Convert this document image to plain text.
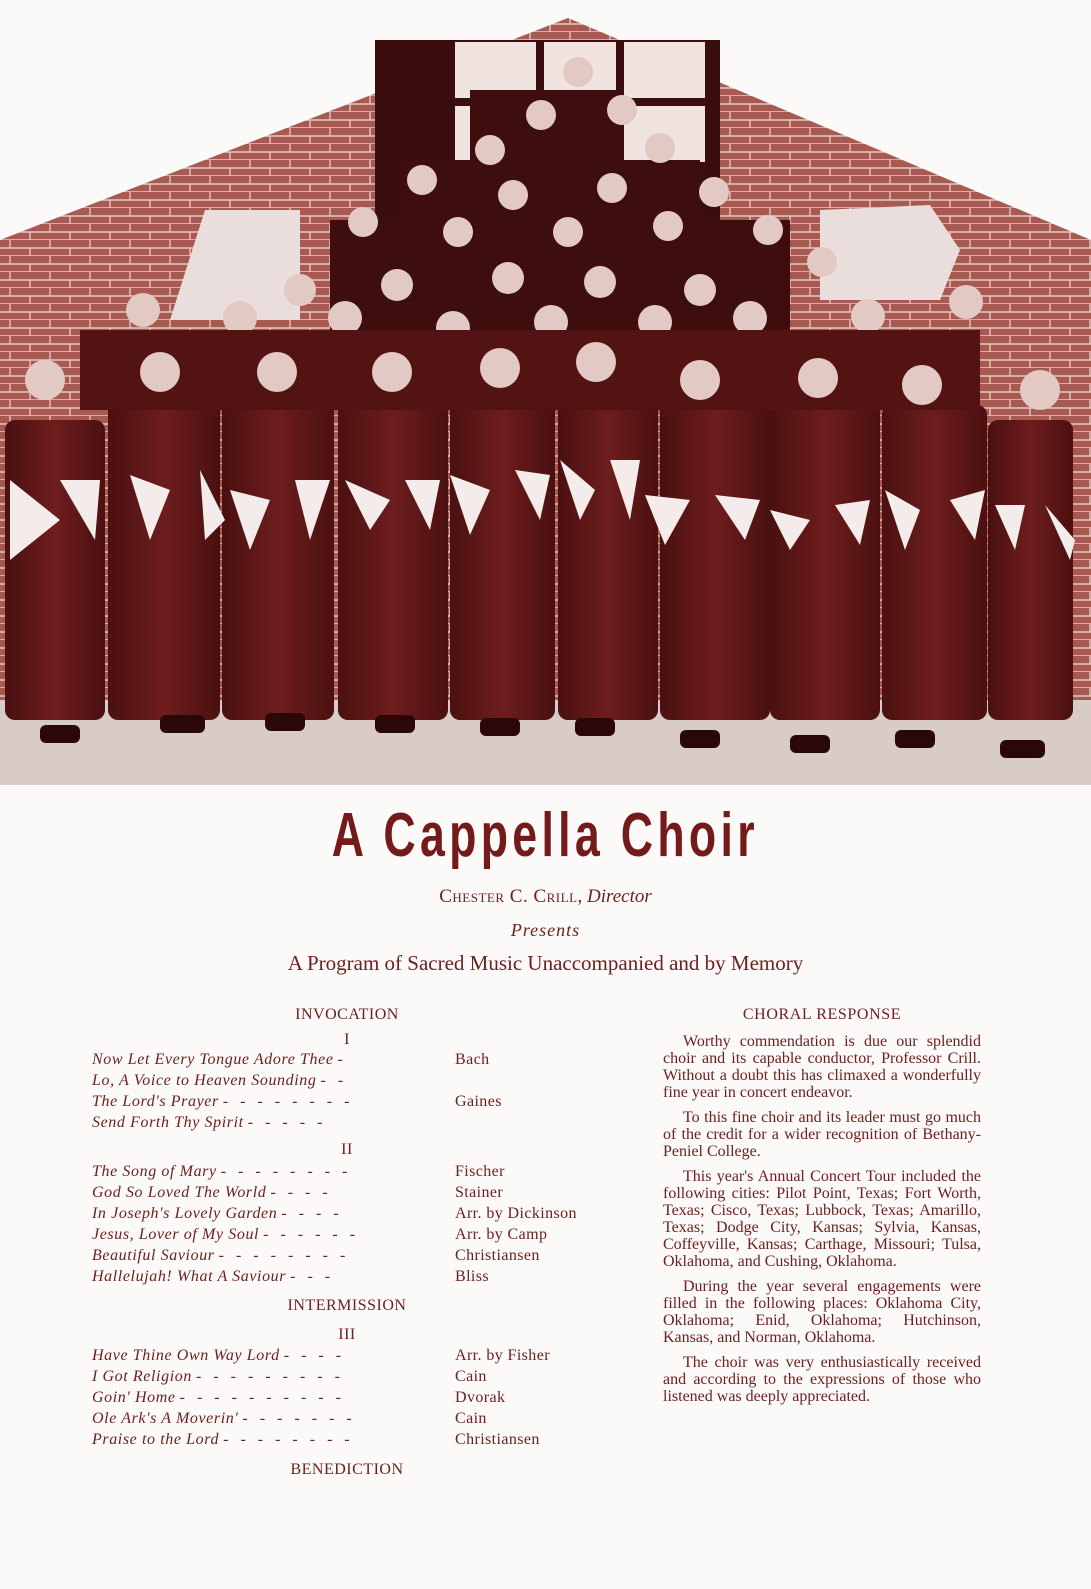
A Cappella Choir
Chester C. Crill, Director
Presents
A Program of Sacred Music Unaccompanied and by Memory
INVOCATION
I
Now Let Every Tongue Adore Thee -	Bach
Lo, A Voice to Heaven Sounding - -
The Lord's Prayer - - - - - - - -	Gaines
Send Forth Thy Spirit - - - - -
II
The Song of Mary - - - - - - - -	Fischer
God So Loved The World - - - -	Stainer
In Joseph's Lovely Garden - - - -	Arr. by Dickinson
Jesus, Lover of My Soul - - - - - -	Arr. by Camp
Beautiful Saviour - - - - - - - -	Christiansen
Hallelujah! What A Saviour - - -	Bliss
INTERMISSION
III
Have Thine Own Way Lord - - - -	Arr. by Fisher
I Got Religion - - - - - - - - -	Cain
Goin' Home - - - - - - - - - -	Dvorak
Ole Ark's A Moverin' - - - - - - -	Cain
Praise to the Lord - - - - - - - -	Christiansen
BENEDICTION
CHORAL RESPONSE

Worthy commendation is due our splendid choir and its capable conductor, Professor Crill. Without a doubt this has climaxed a wonderfully fine year in concert endeavor.

To this fine choir and its leader must go much of the credit for a wider recognition of Bethany-Peniel College.

This year's Annual Concert Tour included the following cities: Pilot Point, Texas; Fort Worth, Texas; Cisco, Texas; Lubbock, Texas; Amarillo, Texas; Dodge City, Kansas; Sylvia, Kansas, Coffeyville, Kansas; Carthage, Missouri; Tulsa, Oklahoma, and Cushing, Oklahoma.

During the year several engagements were filled in the following places: Oklahoma City, Oklahoma; Enid, Oklahoma; Hutchinson, Kansas, and Norman, Oklahoma.

The choir was very enthusiastically received and according to the expressions of those who listened was deeply appreciated.
